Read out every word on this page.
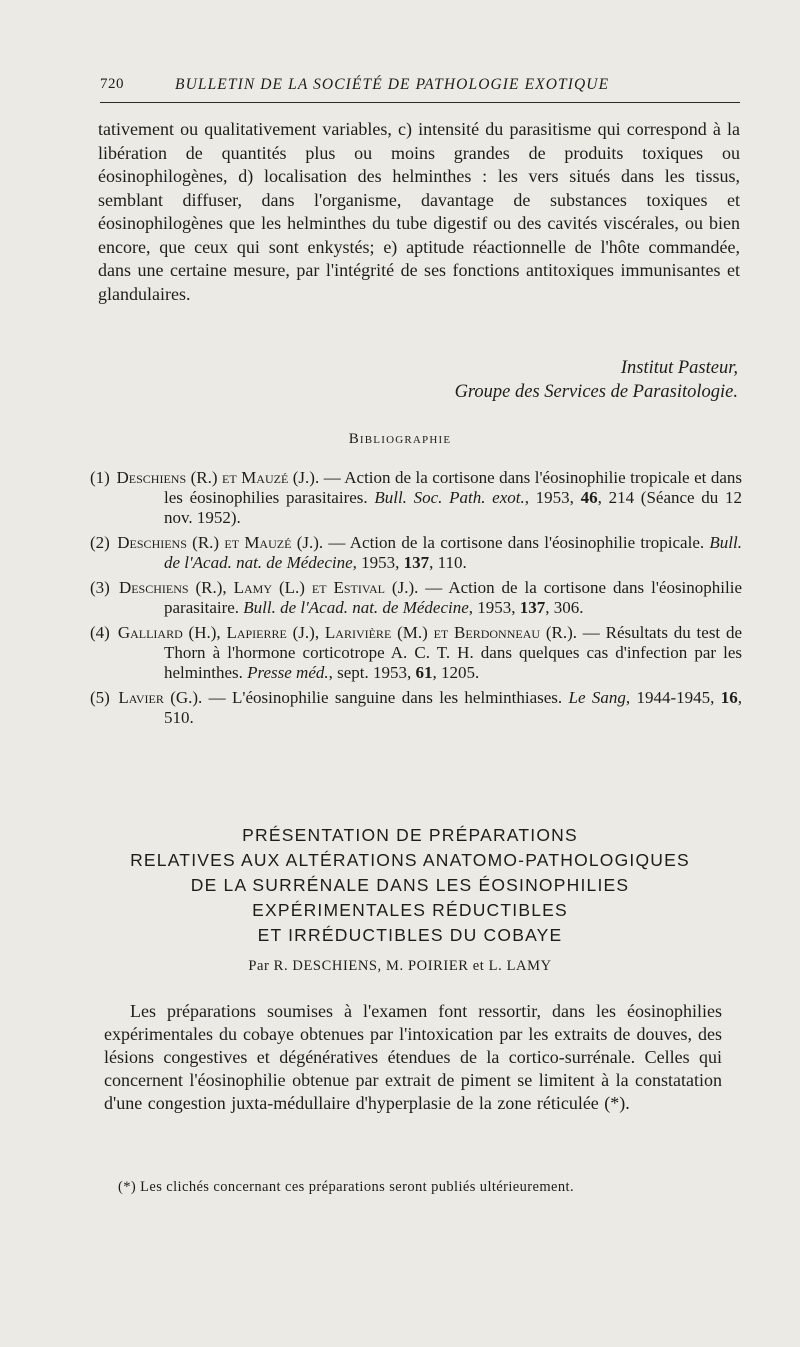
720	BULLETIN DE LA SOCIÉTÉ DE PATHOLOGIE EXOTIQUE

tativement ou qualitativement variables, c) intensité du parasitisme qui correspond à la libération de quantités plus ou moins grandes de produits toxiques ou éosinophilogènes, d) localisation des helminthes : les vers situés dans les tissus, semblant diffuser, dans l'organisme, davantage de substances toxiques et éosinophilogènes que les helminthes du tube digestif ou des cavités viscérales, ou bien encore, que ceux qui sont enkystés; e) aptitude réactionnelle de l'hôte commandée, dans une certaine mesure, par l'intégrité de ses fonctions antitoxiques immunisantes et glandulaires.

Institut Pasteur,
Groupe des Services de Parasitologie.
Bibliographie

(1) Deschiens (R.) et Mauzé (J.). — Action de la cortisone dans l'éosinophilie tropicale et dans les éosinophilies parasitaires. Bull. Soc. Path. exot., 1953, 46, 214 (Séance du 12 nov. 1952).

(2) Deschiens (R.) et Mauzé (J.). — Action de la cortisone dans l'éosinophilie tropicale. Bull. de l'Acad. nat. de Médecine, 1953, 137, 110.

(3) Deschiens (R.), Lamy (L.) et Estival (J.). — Action de la cortisone dans l'éosinophilie parasitaire. Bull. de l'Acad. nat. de Médecine, 1953, 137, 306.

(4) Galliard (H.), Lapierre (J.), Larivière (M.) et Berdonneau (R.). — Résultats du test de Thorn à l'hormone corticotrope A. C. T. H. dans quelques cas d'infection par les helminthes. Presse méd., sept. 1953, 61, 1205.

(5) Lavier (G.). — L'éosinophilie sanguine dans les helminthiases. Le Sang, 1944-1945, 16, 510.

PRÉSENTATION DE PRÉPARATIONS
RELATIVES AUX ALTÉRATIONS ANATOMO-PATHOLOGIQUES
DE LA SURRÉNALE DANS LES ÉOSINOPHILIES
EXPÉRIMENTALES RÉDUCTIBLES
ET IRRÉDUCTIBLES DU COBAYE
Par R. DESCHIENS, M. POIRIER et L. LAMY

Les préparations soumises à l'examen font ressortir, dans les éosinophilies expérimentales du cobaye obtenues par l'intoxication par les extraits de douves, des lésions congestives et dégénératives étendues de la cortico-surrénale. Celles qui concernent l'éosinophilie obtenue par extrait de piment se limitent à la constatation d'une congestion juxta-médullaire d'hyperplasie de la zone réticulée (*).

(*) Les clichés concernant ces préparations seront publiés ultérieurement.
